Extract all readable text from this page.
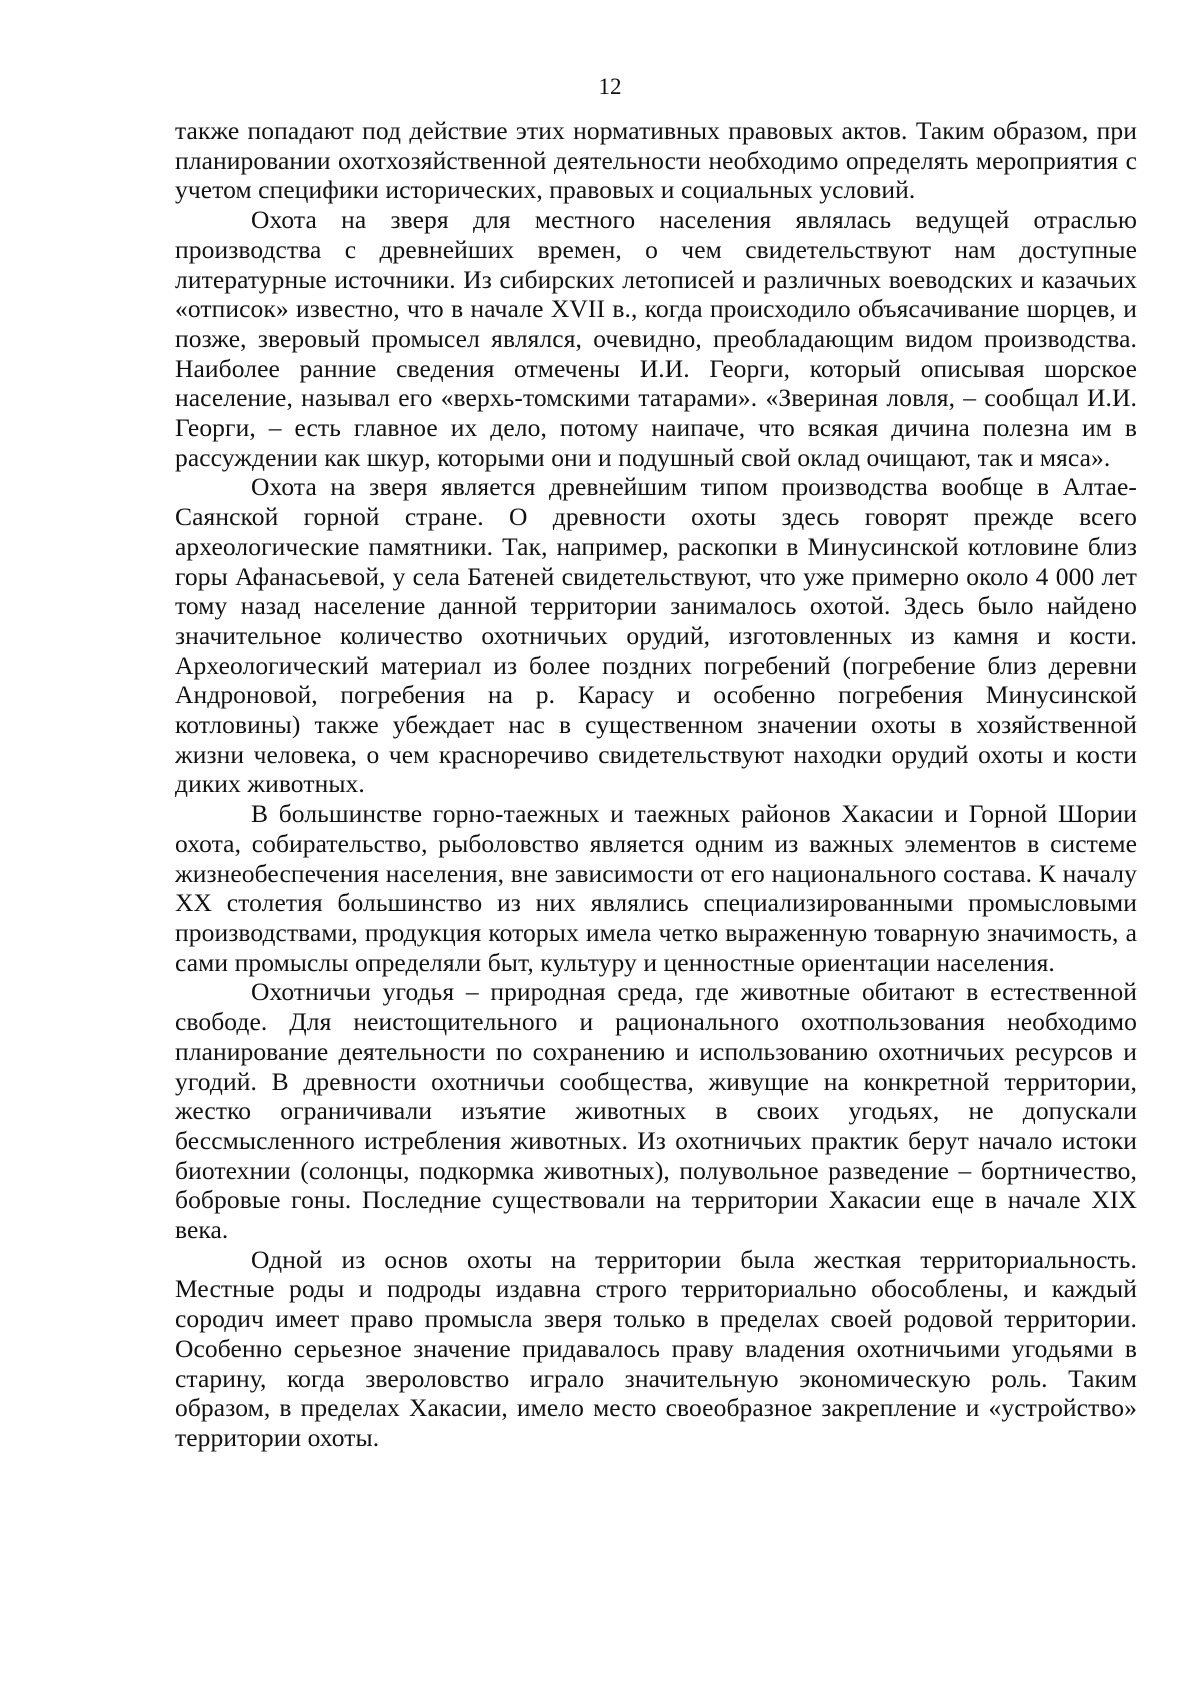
12

также попадают под действие этих нормативных правовых актов. Таким образом, при планировании охотхозяйственной деятельности необходимо определять мероприятия с учетом специфики исторических, правовых и социальных условий.

Охота на зверя для местного населения являлась ведущей отраслью производства с древнейших времен, о чем свидетельствуют нам доступные литературные источники. Из сибирских летописей и различных воеводских и казачьих «отписок» известно, что в начале XVII в., когда происходило объясачивание шорцев, и позже, зверовый промысел являлся, очевидно, преобладающим видом производства. Наиболее ранние сведения отмечены И.И. Георги, который описывая шорское население, называл его «верхь-томскими татарами». «Звериная ловля, – сообщал И.И. Георги, – есть главное их дело, потому наипаче, что всякая дичина полезна им в рассуждении как шкур, которыми они и подушный свой оклад очищают, так и мяса».

Охота на зверя является древнейшим типом производства вообще в Алтае-Саянской горной стране. О древности охоты здесь говорят прежде всего археологические памятники. Так, например, раскопки в Минусинской котловине близ горы Афанасьевой, у села Батеней свидетельствуют, что уже примерно около 4 000 лет тому назад население данной территории занималось охотой. Здесь было найдено значительное количество охотничьих орудий, изготовленных из камня и кости. Археологический материал из более поздних погребений (погребение близ деревни Андроновой, погребения на р. Карасу и особенно погребения Минусинской котловины) также убеждает нас в существенном значении охоты в хозяйственной жизни человека, о чем красноречиво свидетельствуют находки орудий охоты и кости диких животных.

В большинстве горно-таежных и таежных районов Хакасии и Горной Шории охота, собирательство, рыболовство является одним из важных элементов в системе жизнеобеспечения населения, вне зависимости от его национального состава. К началу XX столетия большинство из них являлись специализированными промысловыми производствами, продукция которых имела четко выраженную товарную значимость, а сами промыслы определяли быт, культуру и ценностные ориентации населения.

Охотничьи угодья – природная среда, где животные обитают в естественной свободе. Для неистощительного и рационального охотпользования необходимо планирование деятельности по сохранению и использованию охотничьих ресурсов и угодий. В древности охотничьи сообщества, живущие на конкретной территории, жестко ограничивали изъятие животных в своих угодьях, не допускали бессмысленного истребления животных. Из охотничьих практик берут начало истоки биотехнии (солонцы, подкормка животных), полувольное разведение – бортничество, бобровые гоны. Последние существовали на территории Хакасии еще в начале XIX века.

Одной из основ охоты на территории была жесткая территориальность. Местные роды и подроды издавна строго территориально обособлены, и каждый сородич имеет право промысла зверя только в пределах своей родовой территории. Особенно серьезное значение придавалось праву владения охотничьими угодьями в старину, когда звероловство играло значительную экономическую роль. Таким образом, в пределах Хакасии, имело место своеобразное закрепление и «устройство» территории охоты.
